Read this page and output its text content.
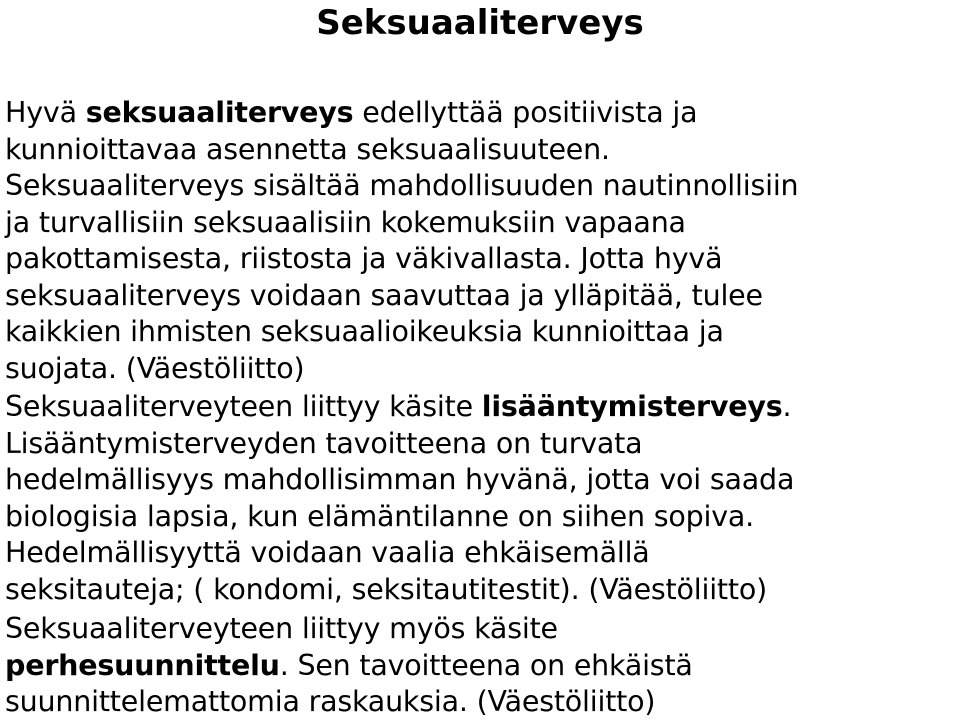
Seksuaaliterveys
Hyvä seksuaaliterveys edellyttää positiivista ja
kunnioittavaa asennetta seksuaalisuuteen.
Seksuaaliterveys sisältää mahdollisuuden nautinnollisiin
ja turvallisiin seksuaalisiin kokemuksiin vapaana
pakottamisesta, riistosta ja väkivallasta. Jotta hyvä
seksuaaliterveys voidaan saavuttaa ja ylläpitää, tulee
kaikkien ihmisten seksuaalioikeuksia kunnioittaa ja
suojata. (Väestöliitto)
Seksuaaliterveyteen liittyy käsite lisääntymisterveys.
Lisääntymisterveyden tavoitteena on turvata
hedelmällisyys mahdollisimman hyvänä, jotta voi saada
biologisia lapsia, kun elämäntilanne on siihen sopiva.
Hedelmällisyyttä voidaan vaalia ehkäisemällä
seksitauteja; ( kondomi, seksitautitestit). (Väestöliitto)
Seksuaaliterveyteen liittyy myös käsite
perhesuunnittelu. Sen tavoitteena on ehkäistä
suunnittelemattomia raskauksia. (Väestöliitto)
